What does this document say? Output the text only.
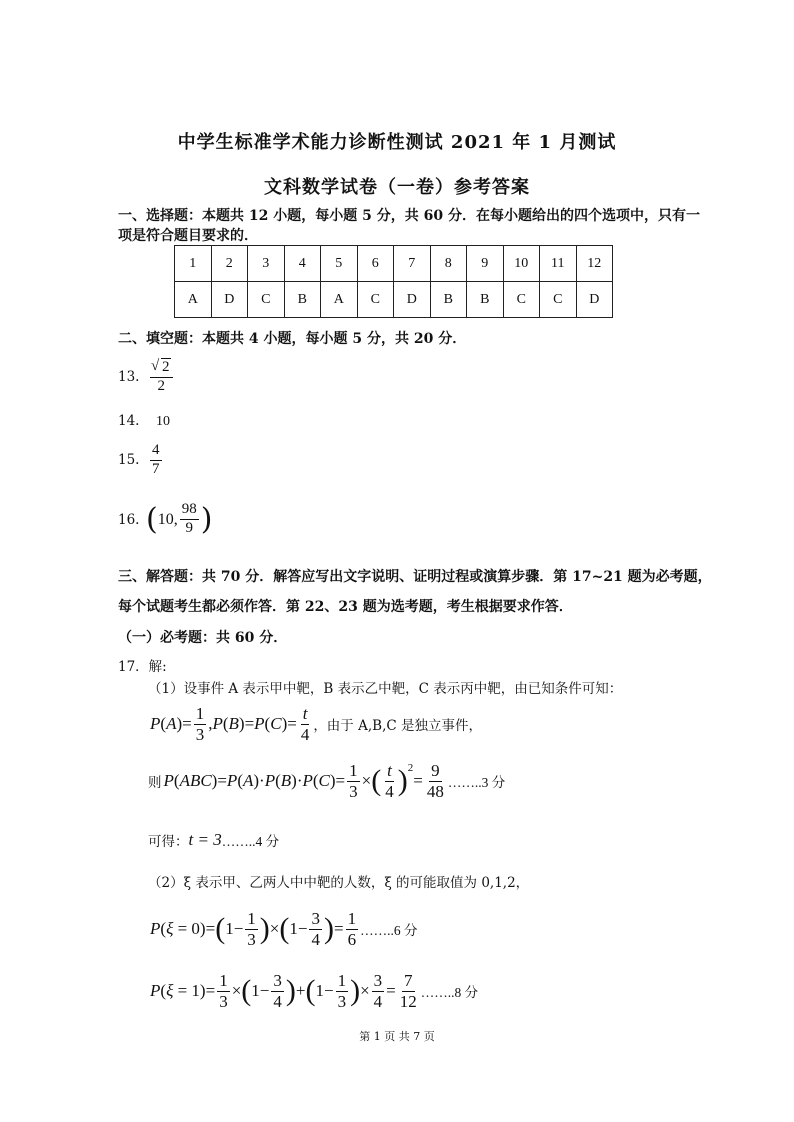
中学生标准学术能力诊断性测试 2021 年 1 月测试
文科数学试卷（一卷）参考答案
一、选择题：本题共 12 小题，每小题 5 分，共 60 分．在每小题给出的四个选项中，只有一
项是符合题目要求的．
1	2	3	4	5	6	7	8	9	10	11	12
A	D	C	B	A	C	D	B	B	C	C	D
二、填空题：本题共 4 小题，每小题 5 分，共 20 分．
13. √ $\frac{2}{2}$
14. 10
15. $\frac{4}{7}$
16. ( 10, $\frac{98}{9}$ )
三、解答题：共 70 分．解答应写出文字说明、证明过程或演算步骤．第 17~21 题为必考题，
每个试题考生都必须作答．第 22、23 题为选考题，考生根据要求作答．
（一）必考题：共 60 分．
17．解:
（1）设事件 A 表示甲中靶，B 表示乙中靶，C 表示丙中靶，由已知条件可知：
$P(A)= \frac{1}{3} ,P(B)=P(C)= \frac{t}{4}$ ，由于 A,B,C 是独立事件，
则 $P(ABC)=P(A)\cdot P(B)\cdot P(C)= \frac{1}{3}$ × ( $\frac{t}{4} )^2$
= $\frac{9}{48}$ ……..3 分
可得： t = 3 ……..4 分
（2）ξ 表示甲、乙两人中中靶的人数，ξ 的可能取值为 0,1,2，
P(ξ = 0)= ( $1- \frac{1}{3}$ ) × ( $1- \frac{3}{4}$ ) = $\frac{1}{6}$ ……..6 分
$P(\xi = 1)= \frac{1}{3}$ × ( $1- \frac{3}{4}$ ) + ( $1- \frac{1}{3}$ ) × $\frac{3}{4} = \frac{7}{12}$ ……..8 分
第 1 页 共 7 页
